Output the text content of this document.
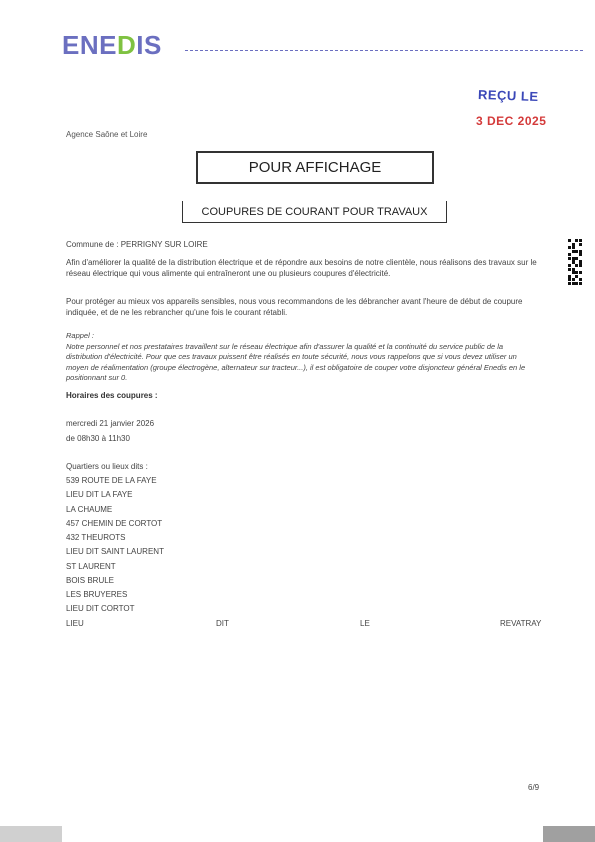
ENEDIS
REÇU LE
3 DEC 2025
Agence Saône et Loire
POUR AFFICHAGE
COUPURES DE COURANT POUR TRAVAUX
Commune de : PERRIGNY SUR LOIRE

Afin d'améliorer la qualité de la distribution électrique et de répondre aux besoins de notre clientèle, nous réalisons des travaux sur le réseau électrique qui vous alimente qui entraîneront une ou plusieurs coupures d'électricité.

Pour protéger au mieux vos appareils sensibles, nous vous recommandons de les débrancher avant l'heure de début de coupure indiquée, et de ne les rebrancher qu'une fois le courant rétabli.

Rappel :
Notre personnel et nos prestataires travaillent sur le réseau électrique afin d'assurer la qualité et la continuité du service public de la distribution d'électricité. Pour que ces travaux puissent être réalisés en toute sécurité, nous vous rappelons que si vous devez utiliser un moyen de réalimentation (groupe électrogène, alternateur sur tracteur...), il est obligatoire de couper votre disjoncteur général Enedis en le positionnant sur 0.
Horaires des coupures :
mercredi 21 janvier 2026
de 08h30 à 11h30
Quartiers ou lieux dits :
539 ROUTE DE LA FAYE
LIEU DIT LA FAYE
LA CHAUME
457 CHEMIN DE CORTOT
432 THEUROTS
LIEU DIT SAINT LAURENT
ST LAURENT
BOIS BRULE
LES BRUYERES
LIEU DIT CORTOT
LIEU	DIT	LE	REVATRAY
6/9
